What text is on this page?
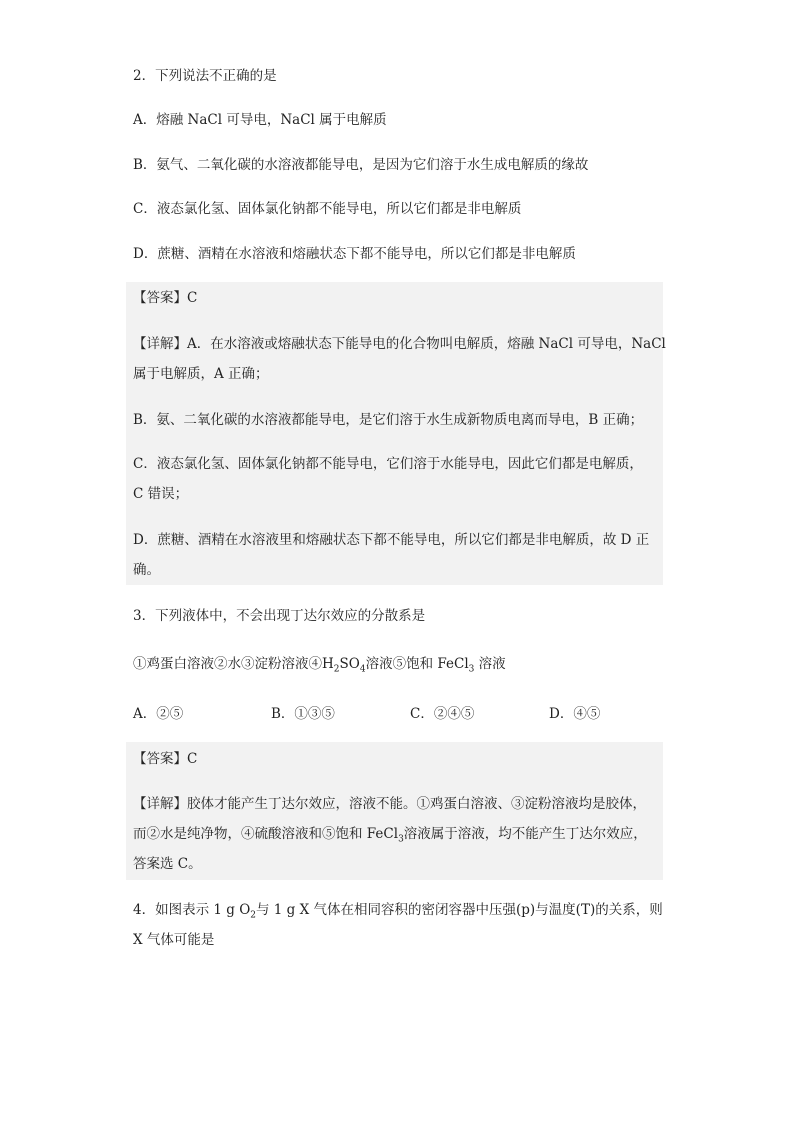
2．下列说法不正确的是
A．熔融 NaCl 可导电，NaCl 属于电解质
B．氨气、二氧化碳的水溶液都能导电，是因为它们溶于水生成电解质的缘故
C．液态氯化氢、固体氯化钠都不能导电，所以它们都是非电解质
D．蔗糖、酒精在水溶液和熔融状态下都不能导电，所以它们都是非电解质
【答案】C
【详解】A．在水溶液或熔融状态下能导电的化合物叫电解质，熔融 NaCl 可导电，NaCl
属于电解质，A 正确；
B．氨、二氧化碳的水溶液都能导电，是它们溶于水生成新物质电离而导电，B 正确；
C．液态氯化氢、固体氯化钠都不能导电，它们溶于水能导电，因此它们都是电解质，
C 错误；
D．蔗糖、酒精在水溶液里和熔融状态下都不能导电，所以它们都是非电解质，故 D 正
确。
3．下列液体中，不会出现丁达尔效应的分散系是
①鸡蛋白溶液②水③淀粉溶液$④H_2SO_4$溶液⑤饱和 FeCl$_3$ 溶液
A．②⑤	B．①③⑤	C．②④⑤	D．④⑤
【答案】C
【详解】胶体才能产生丁达尔效应，溶液不能。①鸡蛋白溶液、③淀粉溶液均是胶体，
而②水是纯净物，④硫酸溶液和⑤饱和 FeCl$_3$溶液属于溶液，均不能产生丁达尔效应，
答案选 C。
4．如图表示 1 g $O_2$与 1 g X 气体在相同容积的密闭容器中压强(p)与温度(T)的关系，则
X 气体可能是
